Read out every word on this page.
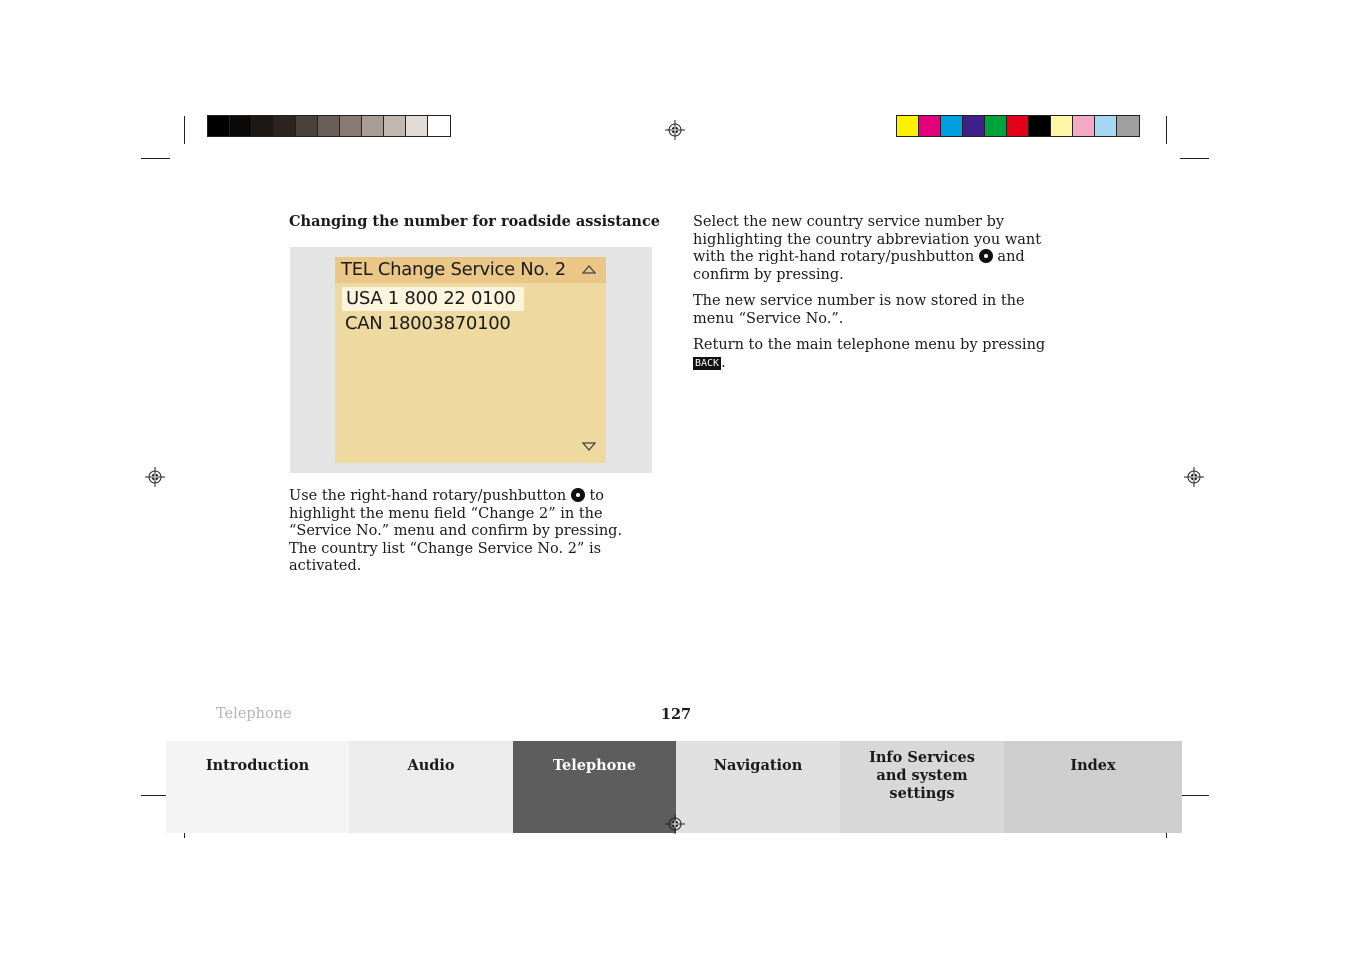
Changing the number for roadside assistance
TEL Change Service No. 2
USA 1 800 22 0100
CAN 18003870100
Use the right-hand rotary/pushbutton to highlight the menu field “Change 2” in the “Service No.” menu and confirm by pressing.
The country list “Change Service No. 2” is activated.

Select the new country service number by highlighting the country abbreviation you want with the right-hand rotary/pushbutton and confirm by pressing.

The new service number is now stored in the menu “Service No.”.

Return to the main telephone menu by pressing BACK .

Telephone	127
Introduction	Audio	Telephone	Navigation	Info Services and system settings
Index
